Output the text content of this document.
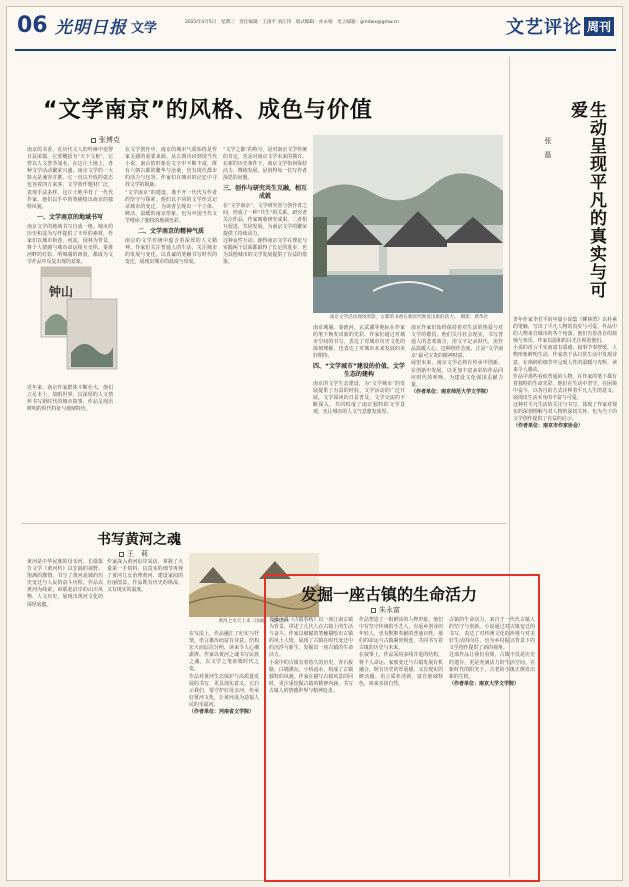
06 光明日报 文学	2023年4月5日　星期三　责任编辑：王国平 刘江伟　版式编辑：孙永娟　电子邮箱：gmdwx@gmw.cn	文艺评论 周刊
“文学南京”的风格、成色与价值
张博克

南京的书香，在历代文人的吟咏中变得日益浓郁。它要概括为“天下文枢”，它曾以人文荟萃闻名，在这片土地上，各种文学活动繁荣兴盛。南京文学的一大特点是兼容并蓄，它一直以开放的姿态包容着四方来客，文学创作题材广泛，表现手法多样。这片土地孕育了一代代作家，他们以手中的笔描绘出南京的独特风貌。

一、文学南京的地域书写

南京文学的地域书写自成一格。城市的历史积淀为写作提供了丰厚的素材，作家们以城市街巷、河流、园林为背景，将个人情感与城市命运相互交织。秦淮河畔的灯影、明城墙的斑驳，都成为文学作品中反复出现的意象。

近年来，南京作家群体不断壮大，他们立足本土，放眼世界，以深厚的人文情怀书写新时代的城市故事，作品呈现出鲜明的时代特征与地域特色。

钟山

在文学创作中，南京的城市气质始终是作家灵感的重要来源。从古典诗词到现当代小说，南京的形象在文字中不断丰富，既有六朝古都的繁华与沧桑，也有现代都市的活力与包容。作家们在城市的记忆中寻找文学的根脉。

“文学南京”的建设，离不开一代代写作者的坚守与探索。他们以不同的文学形式记录城市的变迁，为读者呈现出一个立体、鲜活、温暖的南京形象，也为中国当代文学增添了独特的地域色彩。

二、文学南京的精神气质

南京的文学传统中蕴含着深厚的人文精神。作家们关注普通人的生活，关注城市的发展与变化，以真诚的笔触书写时代的变迁，展现出城市的温度与厚度。

“文学之都”的称号，是对南京文学传统的肯定，也是对南京文学未来的期许。在新的历史条件下，南京文学如何保持活力、继续发展，是值得每一位写作者深思的问题。

三、创作与研究共生互融，相互成就

在“文学南京”，文学研究者与创作者之间，形成了一种“共生”的关系。研究者关注作品，作家吸收研究成果，二者相互促进、共同发展，为南京文学的繁荣提供了持续动力。

这种良性互动，使得南京文学在理论与实践两个层面都取得了长足的进步，也为其他城市的文学发展提供了有益的借鉴。

南京文学活动现场剪影，古都的书香在新时代焕发出新的活力。　摄影：新华社

南京城墙、秦淮河、玄武湖等地标在作家的笔下焕发出新的光彩。作家们通过对城市空间的书写，表达了对城市历史文化的深刻理解，也表达了对城市未来发展的美好期待。

四、“文学城市”建设的价值、文学生态的建构

南京的文学生态建设，为“文学城市”的发展提供了有益的经验。文学活动的广泛开展、文学阅读的日益普及、文学交流的不断深入，共同构成了南京独特的文学景观，也让城市的人文气息愈发浓厚。

南京作家们始终保持着对生活的热爱与对文学的敬畏。他们关注社会现实，书写普通人的悲欢离合，用文字记录时代，用作品温暖人心。这种创作态度，正是“文学南京”最可宝贵的精神财富。

展望未来，南京文学必将在传承中创新、在创新中发展，以更加丰富多彩的作品回应时代的呼唤，为建设文化强国贡献力量。

（作者单位：南京师范大学文学院）

生动呈现平凡的真实与可爱
张　磊

青年作家李君平的中篇小说集《柳林湾》以朴素的笔触，写出了平凡人物的真实与可爱。作品中的人物来自城市的各个角落，他们有着各自的烦恼与欢乐，作家以温和的目光注视着他们。

小说的语言平实而富有质感，叙事节奏舒缓，人物形象鲜明生动。作家善于从日常生活中发现诗意，在琐碎的细节中呈现人性的温暖与光辉，读来令人感动。

作品中那些看似普通的人物，在作家的笔下都有着独特的生命光彩。他们在生活中坚守，在困境中奋斗，以各自的方式诠释着平凡人生的意义，展现出生活本身的丰富与可爱。

这种对平凡生活的关注与书写，体现了作家对现实的深刻理解与对人物的深切关怀，也为当下的文学创作提供了有益的启示。

（作者单位：南京市作家协会）

书写黄河之魂
王　莉

黄河是中华民族的母亲河。长篇报告文学《黄河传》以宏阔的视野、饱满的激情，书写了黄河流域的历史变迁与人民的奋斗历程。作品以黄河为线索，串联起沿岸的山川风物、人文历史，展现出黄河文化的深厚底蕴。

作家深入黄河沿岸采访，掌握了大量第一手资料，以真实的细节再现了黄河儿女治理黄河、建设家园的壮丽图景。作品既有历史的纵深，又有现实的温度。

黄河之水天上来（国画）　资料图片

在写法上，作品融汇了纪实与抒情，语言雄浑而富有诗意，结构宏大而层次分明，读来令人心潮澎湃。作家以黄河之魂书写民族之魂，以文学之笔讴歌时代之变。

作品对黄河生态保护与高质量发展的书写，更具现实意义。它启示我们，要守护好母亲河，传承好黄河文化，让黄河成为造福人民的幸福河。

（作者单位：河南省文学院）

发掘一座古镇的生命活力
朱永富

长篇小说《古镇春秋》以一座江南古镇为背景，讲述了几代人在古镇上的生活与奋斗。作家以细腻的笔触描绘出古镇的风土人情，展现了古镇在时代变迁中的沉浮与新生，发掘出一座古镇的生命活力。

小说中的古镇有着悠久的历史，青石板路、白墙黛瓦、小桥流水，构成了古镇独特的风貌。作家在描写古镇风景的同时，更注重挖掘古镇的精神内涵，书写古镇人的情感世界与精神追求。

作品塑造了一批鲜活的人物形象。他们中有坚守传统的手艺人，有返乡创业的年轻人，也有默默奉献的普通百姓。他们的命运与古镇紧密相连，共同书写着古镇的历史与未来。

在叙事上，作品采用多线并进的结构，将个人命运、家族变迁与古镇发展有机融合，既有历史的厚重感，又有现实的鲜活感。语言质朴清新，富有地域特色，读来亲切自然。

古镇的生命活力，来自于一代代古镇人的坚守与创新。小说通过对古镇变迁的书写，表达了对传统文化的珍视与对美好生活的向往，也为乡村振兴背景下的文学创作提供了新的视角。

这部作品让我们看到，古镇不仅是历史的遗存，更是充满活力的生活空间。在新时代的阳光下，古老的小镇正焕发出新的生机。

（作者单位：南京大学文学院）
